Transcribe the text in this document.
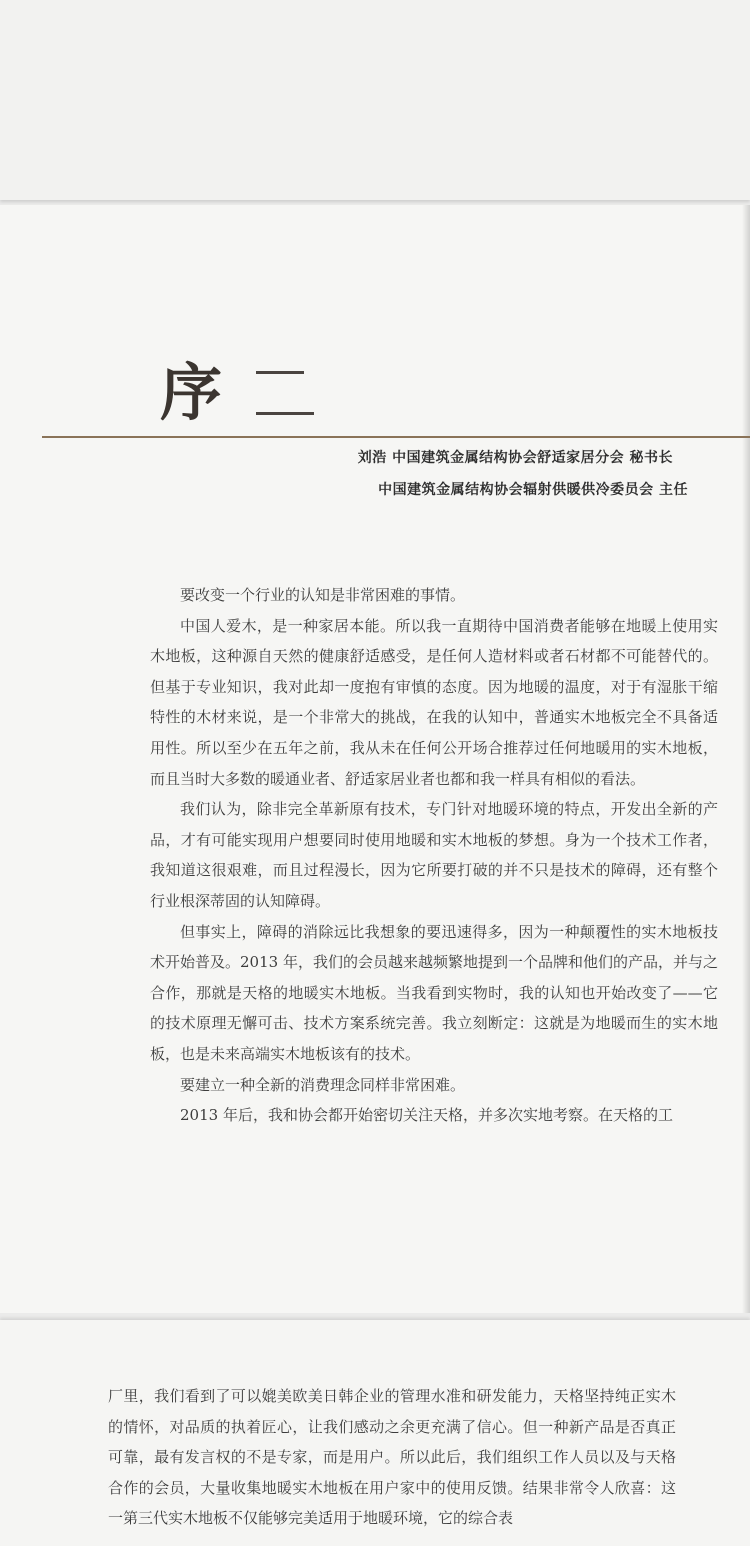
序
刘浩 中国建筑金属结构协会舒适家居分会 秘书长
中国建筑金属结构协会辐射供暖供冷委员会 主任

要改变一个行业的认知是非常困难的事情。

中国人爱木，是一种家居本能。所以我一直期待中国消费者能够在地暖上使用实木地板，这种源自天然的健康舒适感受，是任何人造材料或者石材都不可能替代的。但基于专业知识，我对此却一度抱有审慎的态度。因为地暖的温度，对于有湿胀干缩特性的木材来说，是一个非常大的挑战，在我的认知中，普通实木地板完全不具备适用性。所以至少在五年之前，我从未在任何公开场合推荐过任何地暖用的实木地板，而且当时大多数的暖通业者、舒适家居业者也都和我一样具有相似的看法。

我们认为，除非完全革新原有技术，专门针对地暖环境的特点，开发出全新的产品，才有可能实现用户想要同时使用地暖和实木地板的梦想。身为一个技术工作者，我知道这很艰难，而且过程漫长，因为它所要打破的并不只是技术的障碍，还有整个行业根深蒂固的认知障碍。

但事实上，障碍的消除远比我想象的要迅速得多，因为一种颠覆性的实木地板技术开始普及。2013 年，我们的会员越来越频繁地提到一个品牌和他们的产品，并与之合作，那就是天格的地暖实木地板。当我看到实物时，我的认知也开始改变了——它的技术原理无懈可击、技术方案系统完善。我立刻断定：这就是为地暖而生的实木地板，也是未来高端实木地板该有的技术。

要建立一种全新的消费理念同样非常困难。

2013 年后，我和协会都开始密切关注天格，并多次实地考察。在天格的工

厂里，我们看到了可以媲美欧美日韩企业的管理水准和研发能力，天格坚持纯正实木的情怀，对品质的执着匠心，让我们感动之余更充满了信心。但一种新产品是否真正可靠，最有发言权的不是专家，而是用户。所以此后，我们组织工作人员以及与天格合作的会员，大量收集地暖实木地板在用户家中的使用反馈。结果非常令人欣喜：这一第三代实木地板不仅能够完美适用于地暖环境，它的综合表
